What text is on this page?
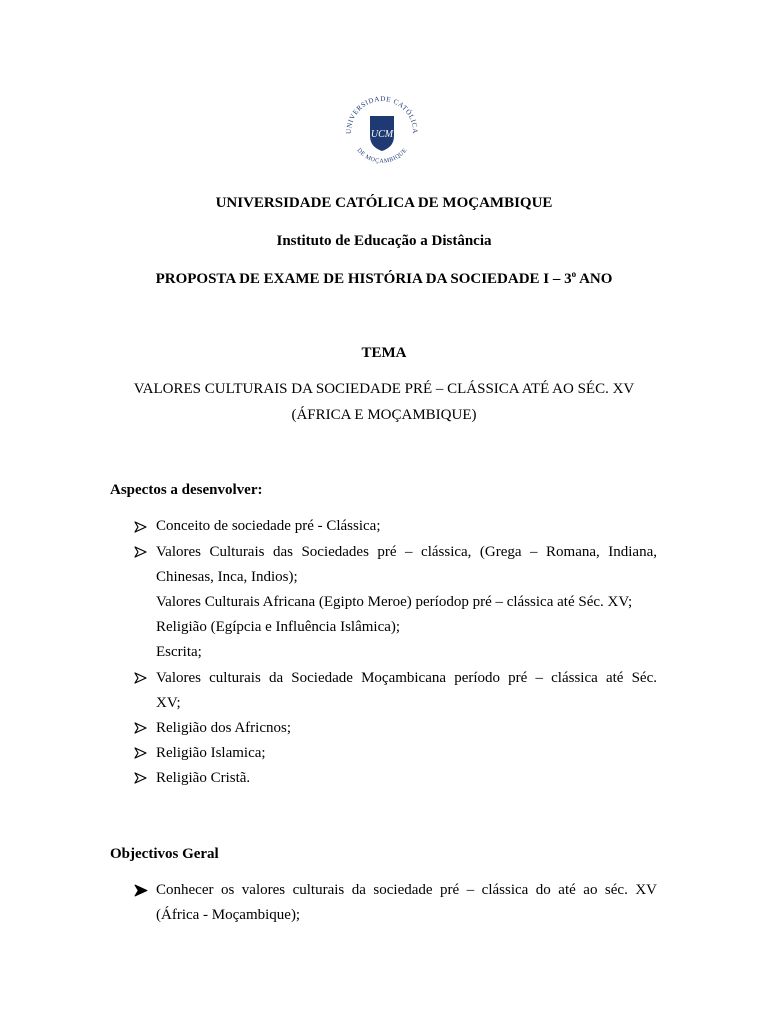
UNIVERSIDADE CATÓLICA
DE MOÇAMBIQUE
UCM
UNIVERSIDADE CATÓLICA DE MOÇAMBIQUE
Instituto de Educação a Distância
PROPOSTA DE EXAME DE HISTÓRIA DA SOCIEDADE I – 3$^o$ ANO
TEMA
VALORES CULTURAIS DA SOCIEDADE PRÉ – CLÁSSICA ATÉ AO SÉC. XV
(ÁFRICA E MOÇAMBIQUE)
Aspectos a desenvolver:
Conceito de sociedade pré - Clássica;
Valores Culturais das Sociedades pré – clássica, (Grega – Romana, Indiana,
Chinesas, Inca, Indios);
Valores Culturais Africana (Egipto Meroe) períodop pré – clássica até Séc. XV;
Religião (Egípcia e Influência Islâmica);
Escrita;
Valores culturais da Sociedade Moçambicana período pré – clássica até Séc.
XV;
Religião dos Africnos;
Religião Islamica;
Religião Cristã.
Objectivos Geral
Conhecer os valores culturais da sociedade pré – clássica do até ao séc. XV
(África - Moçambique);
